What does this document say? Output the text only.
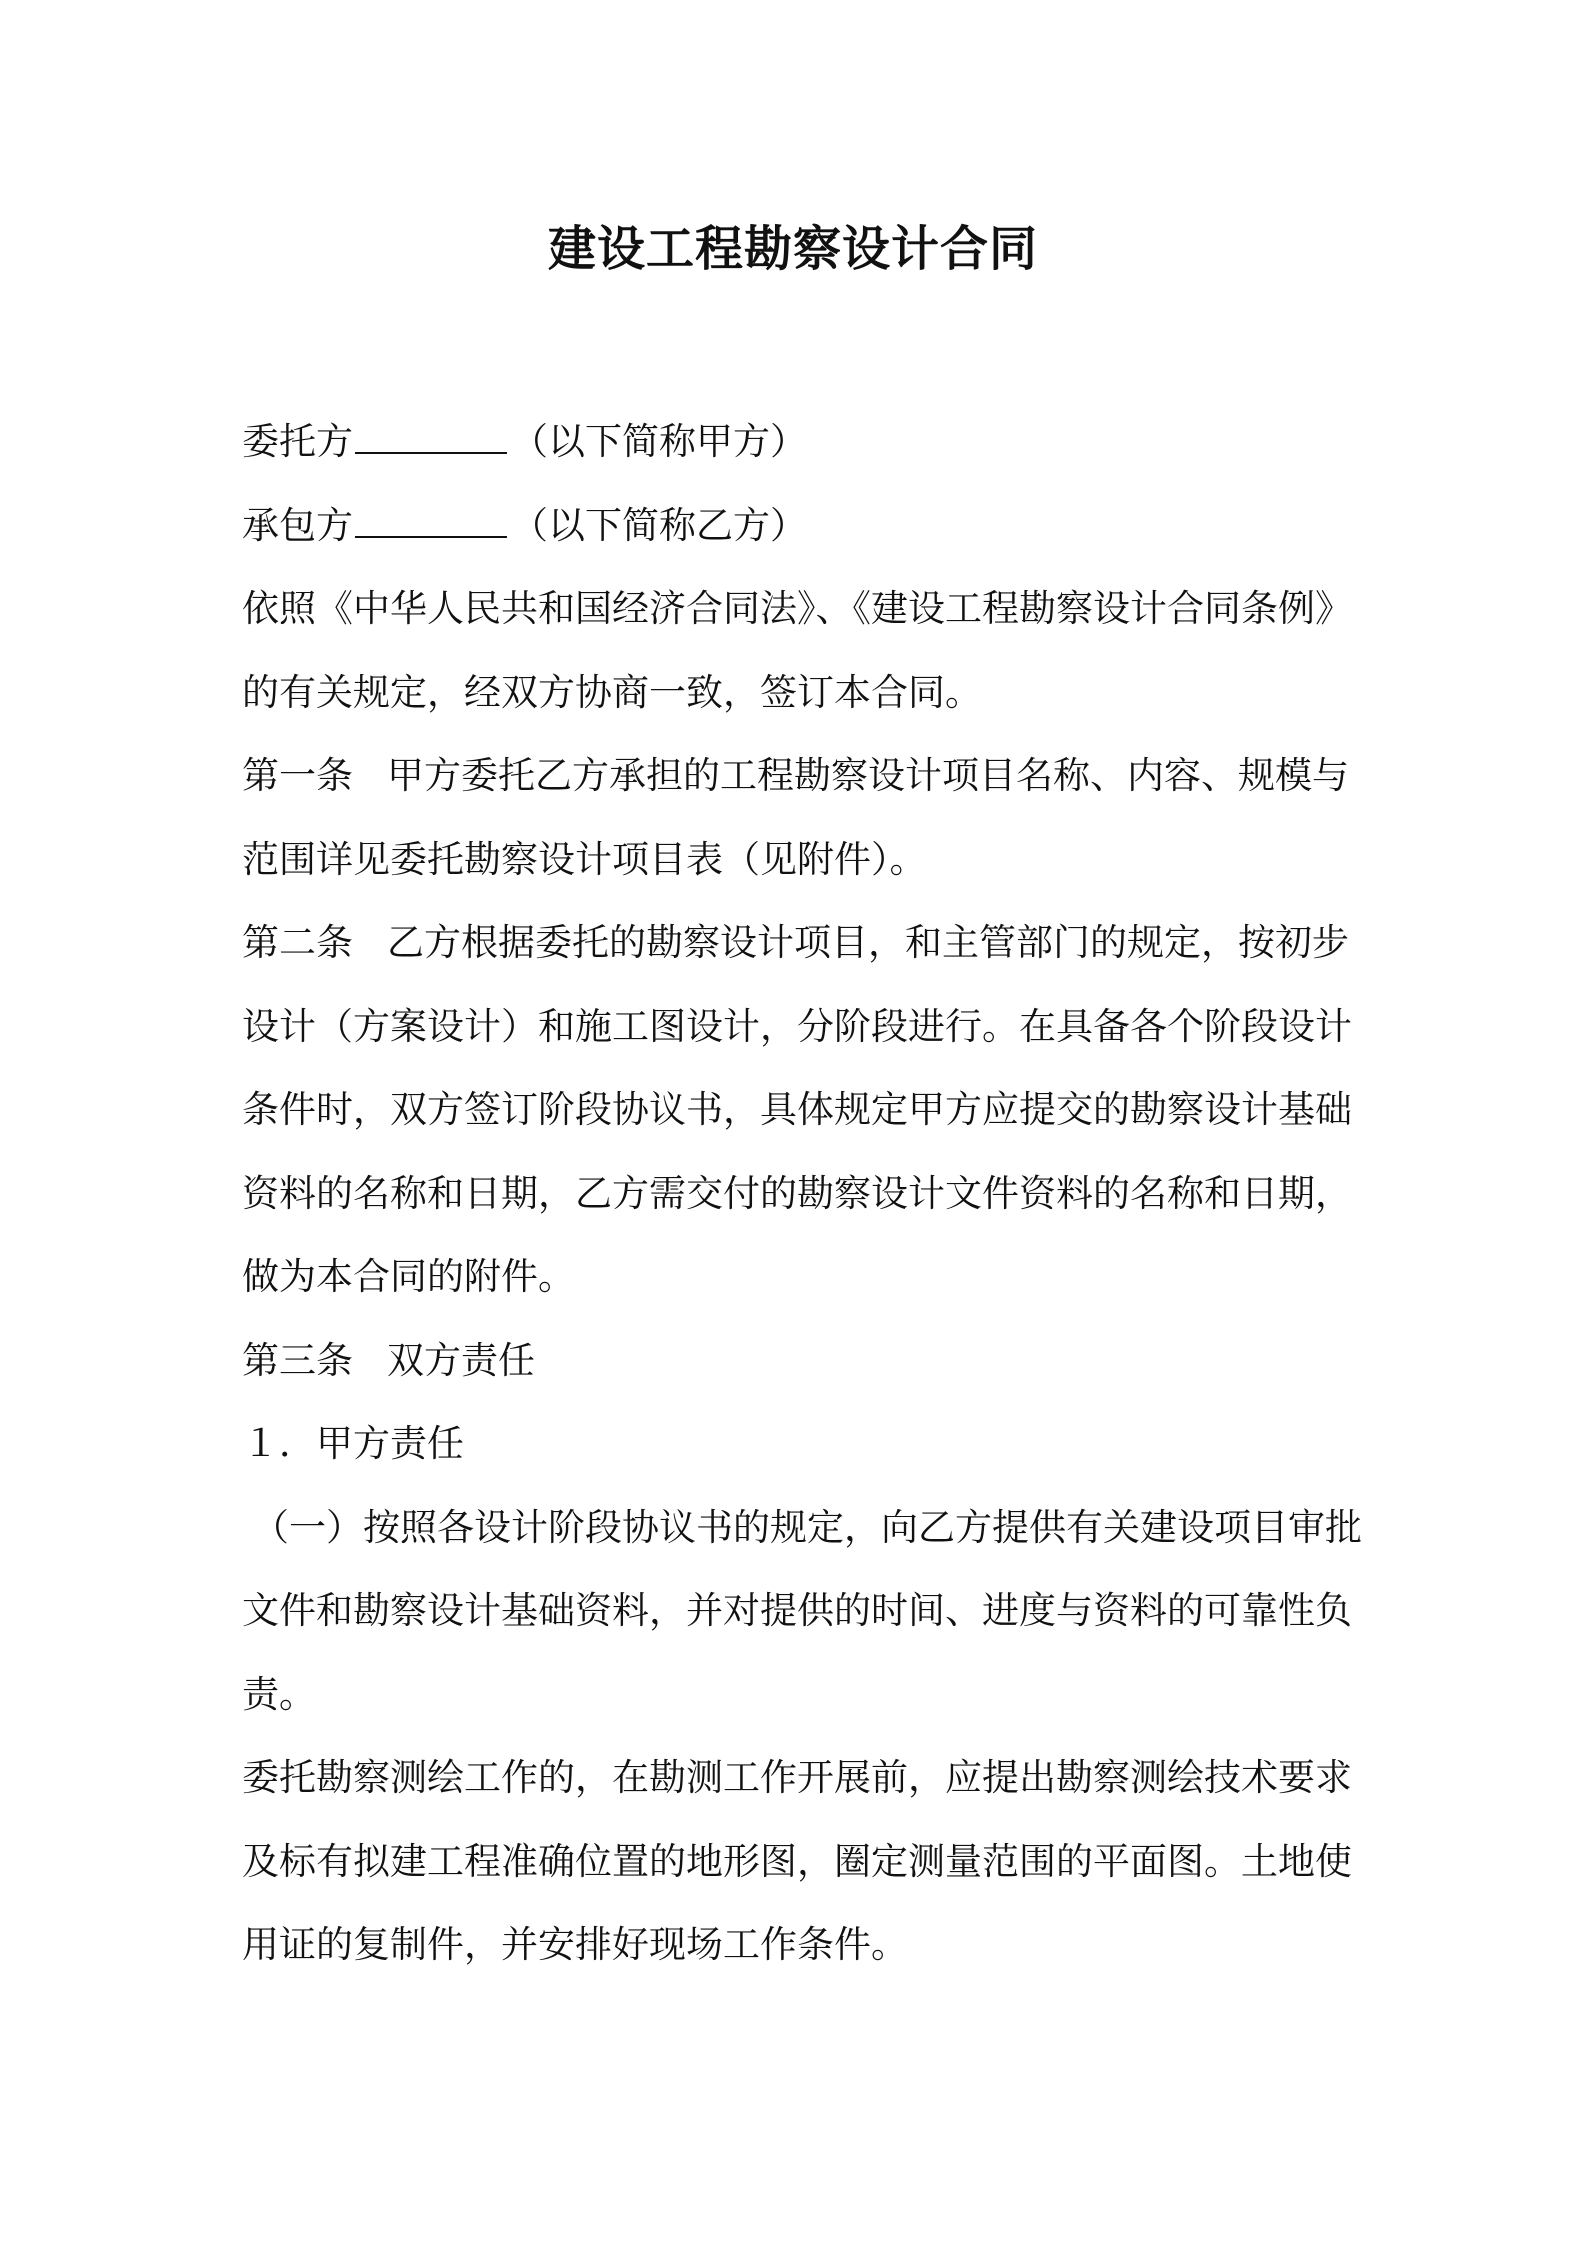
建设工程勘察设计合同

委托方	（以下简称甲方）

承包方	（以下简称乙方）

依照《中华人民共和国经济合同法》、《建设工程勘察设计合同条例》

的有关规定，经双方协商一致，签订本合同。

第一条 甲方委托乙方承担的工程勘察设计项目名称、内容、规模与

范围详见委托勘察设计项目表（见附件）。

第二条 乙方根据委托的勘察设计项目，和主管部门的规定，按初步

设计（方案设计）和施工图设计，分阶段进行。在具备各个阶段设计

条件时，双方签订阶段协议书，具体规定甲方应提交的勘察设计基础

资料的名称和日期，乙方需交付的勘察设计文件资料的名称和日期，

做为本合同的附件。

第三条 双方责任

１．甲方责任

（一）按照各设计阶段协议书的规定，向乙方提供有关建设项目审批

文件和勘察设计基础资料，并对提供的时间、进度与资料的可靠性负

责。

委托勘察测绘工作的，在勘测工作开展前，应提出勘察测绘技术要求

及标有拟建工程准确位置的地形图，圈定测量范围的平面图。土地使

用证的复制件，并安排好现场工作条件。
